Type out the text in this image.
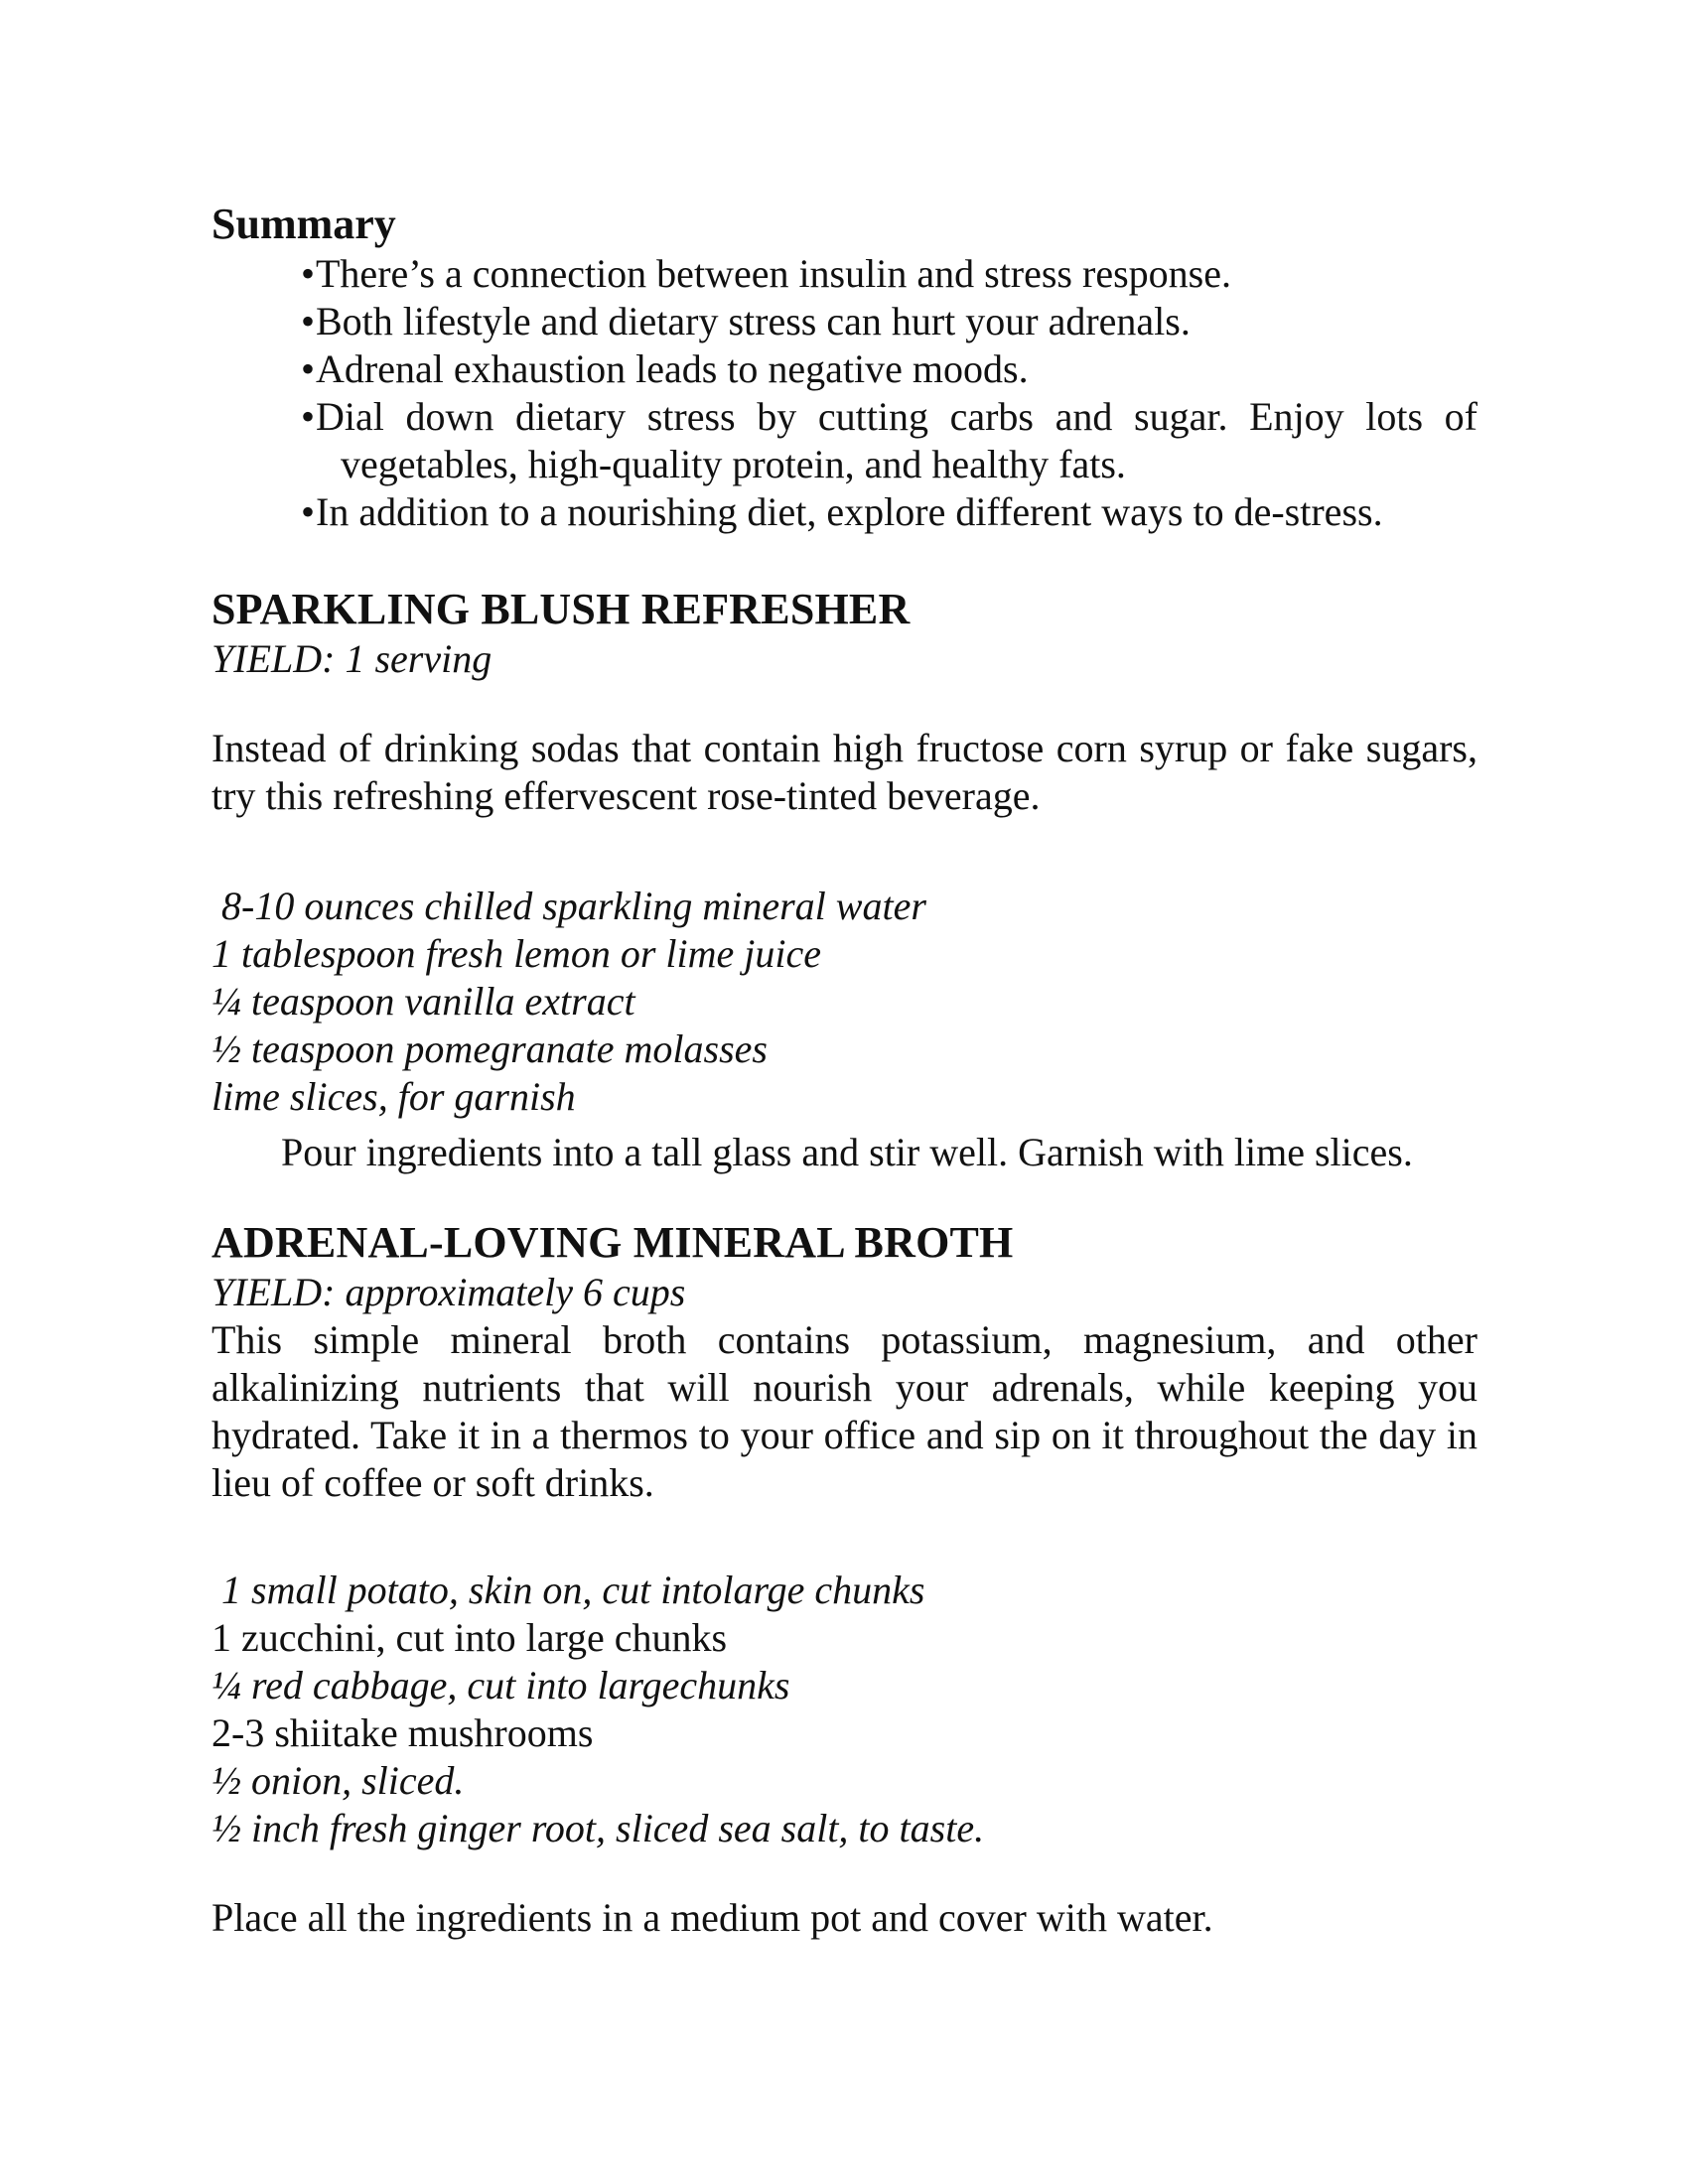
Summary
•There’s a connection between insulin and stress response.
•Both lifestyle and dietary stress can hurt your adrenals.
•Adrenal exhaustion leads to negative moods.
•Dial down dietary stress by cutting carbs and sugar. Enjoy lots of vegetables, high-quality protein, and healthy fats.
•In addition to a nourishing diet, explore different ways to de-stress.
SPARKLING BLUSH REFRESHER

YIELD: 1 serving

Instead of drinking sodas that contain high fructose corn syrup or fake sugars, try this refreshing effervescent rose-tinted beverage.

8-10 ounces chilled sparkling mineral water
1 tablespoon fresh lemon or lime juice
¼ teaspoon vanilla extract
½ teaspoon pomegranate molasses
lime slices, for garnish

Pour ingredients into a tall glass and stir well. Garnish with lime slices.

ADRENAL-LOVING MINERAL BROTH

YIELD: approximately 6 cups

This simple mineral broth contains potassium, magnesium, and other alkalinizing nutrients that will nourish your adrenals, while keeping you hydrated. Take it in a thermos to your office and sip on it throughout the day in lieu of coffee or soft drinks.

1 small potato, skin on, cut intolarge chunks
1 zucchini, cut into large chunks
¼ red cabbage, cut into largechunks
2-3 shiitake mushrooms
½ onion, sliced.
½ inch fresh ginger root, sliced sea salt, to taste.

Place all the ingredients in a medium pot and cover with water.
